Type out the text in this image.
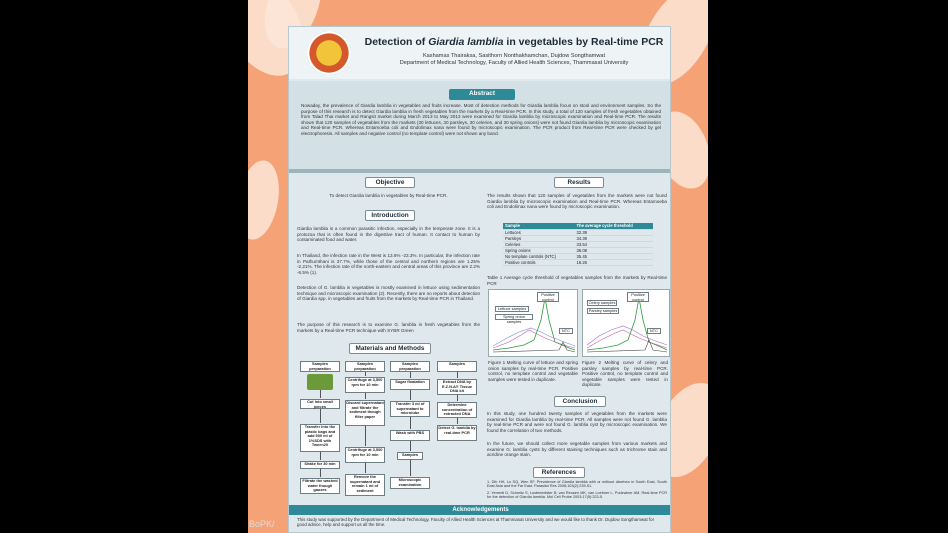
Detection of Giardia lamblia in vegetables by Real-time PCR
Kashamas Thairaksa, Sasithorn Nonthakhamchan, Dujdow Songthamwat
Department of Medical Technology, Faculty of Allied Health Sciences, Thammasat University
Abstract
Nowaday, the prevalence of Giardia lamblia in vegetables and fruits increase. Most of detection methods for Giardia lamblia focus on stool and environment samples. So the purpose of this research is to detect Giardia lamblia in fresh vegetables from the markets by a Real-time PCR. In this study, a total of 120 samples of fresh vegetables obtained from Talad Thai market and Rangsit market during March 2013 to May 2013 were examined for Giardia lamblia by microscopic examination and Real-time PCR. The results shown that 120 samples of vegetables from the markets (30 lettuces, 30 parsleys, 30 celeries, and 30 spring onions) were not found Giardia lamblia by microscopic examination and Real-time PCR. Whereas Entamoeba coli and Endolimax nana were found by microscopic examination. The PCR product from Real-time PCR were checked by gel electrophoresis. All samples and negative control (no template control) were not shown any band.
Objective
To detect Giardia lamblia in vegetables by Real-time PCR.
Introduction
Giardia lamblia is a common parasitic infection, especially in the temperate zone. It is a protozoa that is often found in the digestive tract of human. It contact to human by contaminated food and water.
In Thailand, the infection rate in the West is 13.6% -23.3%. In particular, the infection rate in Pathumthani is 37.7%, while those of the central and northern regions are 1.25% -2.21%. The infection rate of the north-eastern and central areas of this province are 2.2% -6.5% (1).
Detection of G. lamblia in vegetables is mostly examined in lettuce using sedimentation technique and microscopic examination (2). Recently, there are no reports about detection of Giardia spp. in vegetables and fruits from the markets by Real-time PCR in Thailand.
The purpose of this research is to examine G. lamblia in fresh vegetables from the markets by a Real-time PCR technique with SYBR Green
Materials and Methods
Samples preparation
Cut into small pieces
Transfer into the plastic bags and add 500 ml of 1%SDS with Tween20
Shake for 30 min
Filtrate the washed water though gauzes
Samples preparation
Centrifuge at 3,500 rpm for 10 min
Discard supernatant and filtrate the sediment though filter paper
Centrifuge at 3,500 rpm for 10 min
Remove the supernatant and remain 1 ml of sediment
Samples preparation
Sugar floatation
Transfer 3 ml of supernatant to microtube
Wash with PBS
Samples
Microscopic examination
Samples
Extract DNA by E.Z.N.A® Tissue DNA kit
Determine concentration of extracted DNA
Detect G. lamblia by real-time PCR
Results
The results shown that 120 samples of vegetables from the markets were not found Giardia lamblia by microscopic examination and Real-time PCR. Whereas Entamoeba coli and Endolimax nana were found by microscopic examination.
Sample	The average cycle threshold
Lettuces	32.39
Parsleys	34.39
Celeries	33.54
Spring onions	36.08
No template controls (NTC)	35.45
Positive controls	16.26
Table 1 Average cycle threshold of vegetables samples from the markets by Real-time PCR
Positive control
Lettuce samples
Spring onion samples
NTC
Positive control
Celery samples
Parsley samples
NTC
Figure 1 Melting curve of lettuce and spring onion samples by real-time PCR. Positive control, no template control and vegetable samples were tested in duplicate.
Figure 2 Melting curve of celery and parsley samples by real-time PCR. Positive control, no template control and vegetable samples were tested in duplicate.
Conclusion
In this study, one hundred twenty samples of vegetables from the markets were examined for Giardia lamblia by real-time PCR. All samples were not found G. lamblia by real-time PCR and were not found G. lamblia cyst by microscopic examination. We found the correlation of two methods.
In the future, we should collect more vegetable samples from various markets and examine G. lamblia cysts by different staining techniques such as trichrome stain and acridine orange stain.
References
1. Dib HH, Lu SQ, Wen SF. Prevalence of Giardia lamblia with or without diarrhea in South East, South East Asia and the Far East. Parasitol Res 2008;103(2):239-51.
2. Yerrenti D, Schmitz S, Lustenedister B, van Reusen MK, van Loebner L, Podzwiner AM. Real-time PCR for the detection of Giardia lamblia. Mol Cell Probe 2003;17(5):223-5.
Acknowledgements
This study was supported by the Department of Medical Technology, Faculty of Allied Health Sciences at Thammasat University and we would like to thank Dr. Dujdow Songthamwat for good advice, help and support us all the time.
BoPK/
